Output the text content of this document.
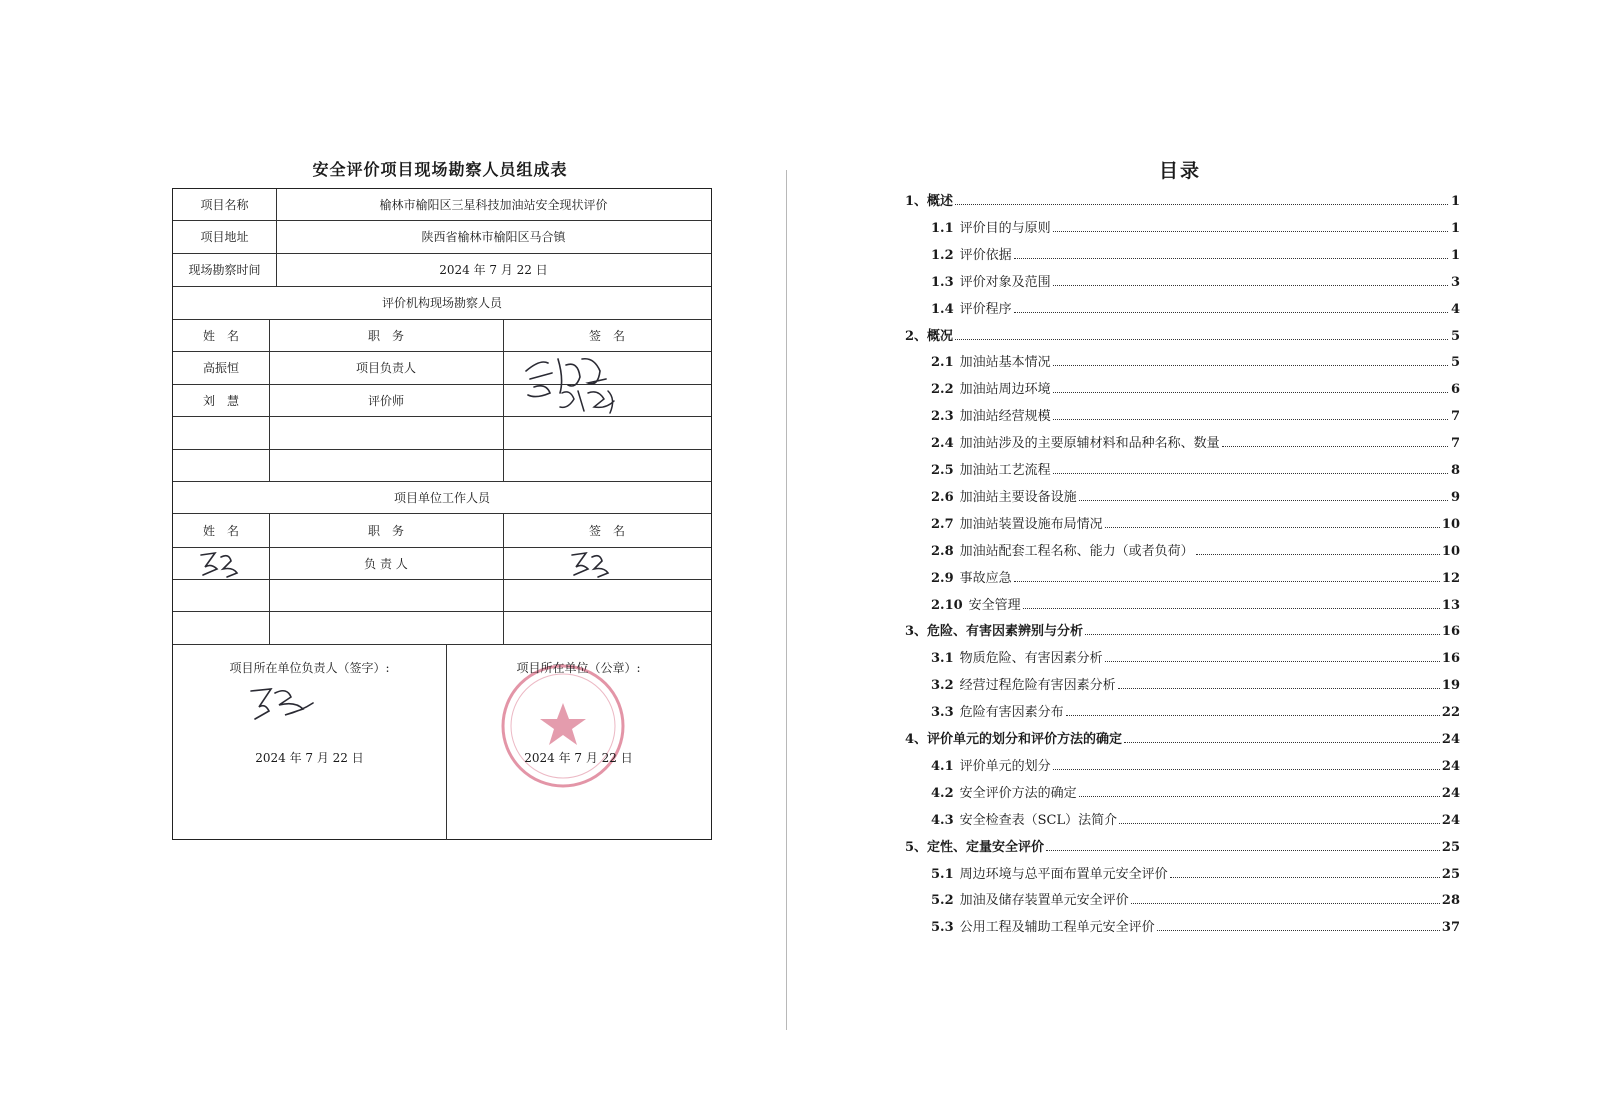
安全评价项目现场勘察人员组成表
项目名称	榆林市榆阳区三星科技加油站安全现状评价
项目地址	陕西省榆林市榆阳区马合镇
现场勘察时间	2024 年 7 月 22 日
评价机构现场勘察人员
姓　名	职　务	签　名
高振恒	项目负责人
刘　慧	评价师
项目单位工作人员
姓　名	职　务	签　名
负 责 人
项目所在单位负责人（签字）:
2024 年 7 月 22 日
项目所在单位（公章）:
2024 年 7 月 22 日
目录
1、 概述	1
1.1 评价目的与原则	1
1.2 评价依据	1
1.3 评价对象及范围	3
1.4 评价程序	4
2、 概况	5
2.1 加油站基本情况	5
2.2 加油站周边环境	6
2.3 加油站经营规模	7
2.4 加油站涉及的主要原辅材料和品种名称、数量	7
2.5 加油站工艺流程	8
2.6 加油站主要设备设施	9
2.7 加油站装置设施布局情况	10
2.8 加油站配套工程名称、能力（或者负荷）	10
2.9 事故应急	12
2.10 安全管理	13
3、 危险、有害因素辨别与分析	16
3.1 物质危险、有害因素分析	16
3.2 经营过程危险有害因素分析	19
3.3 危险有害因素分布	22
4、 评价单元的划分和评价方法的确定	24
4.1 评价单元的划分	24
4.2 安全评价方法的确定	24
4.3 安全检查表（SCL）法简介	24
5、 定性、定量安全评价	25
5.1 周边环境与总平面布置单元安全评价	25
5.2 加油及储存装置单元安全评价	28
5.3 公用工程及辅助工程单元安全评价	37
